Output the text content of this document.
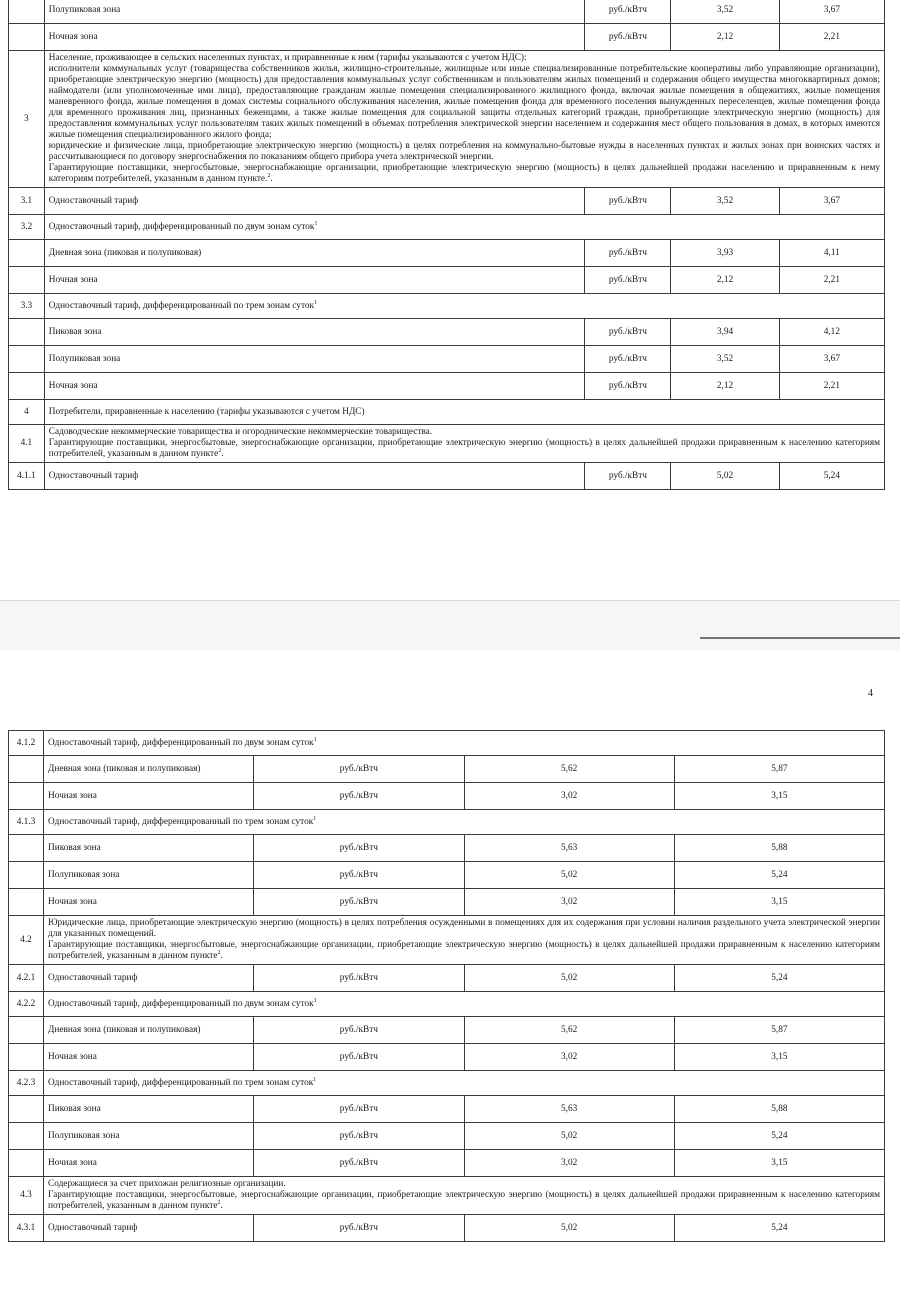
	Полупиковая зона	руб./кВтч	3,52	3,67
	Ночная зона	руб./кВтч	2,12	2,21
3	Население, проживающее в сельских населенных пунктах, и приравненные к ним (тарифы указываются с учетом НДС):
исполнители коммунальных услуг (товарищества собственников жилья, жилищно-строительные, жилищные или иные специализированные потребительские кооперативы либо управляющие организации), приобретающие электрическую энергию (мощность) для предоставления коммунальных услуг собственникам и пользователям жилых помещений и содержания общего имущества многоквартирных домов; наймодатели (или уполномоченные ими лица), предоставляющие гражданам жилые помещения специализированного жилищного фонда, включая жилые помещения в общежитиях, жилые помещения маневренного фонда, жилые помещения в домах системы социального обслуживания населения, жилые помещения фонда для временного поселения вынужденных переселенцев, жилые помещения фонда для временного проживания лиц, признанных беженцами, а также жилые помещения для социальной защиты отдельных категорий граждан, приобретающие электрическую энергию (мощность) для предоставления коммунальных услуг пользователям таких жилых помещений в объемах потребления электрической энергии населением и содержания мест общего пользования в домах, в которых имеются жилые помещения специализированного жилого фонда;
юридические и физические лица, приобретающие электрическую энергию (мощность) в целях потребления на коммунально-бытовые нужды в населенных пунктах и жилых зонах при воинских частях и рассчитывающиеся по договору энергоснабжения по показаниям общего прибора учета электрической энергии.
Гарантирующие поставщики, энергосбытовые, энергоснабжающие организации, приобретающие электрическую энергию (мощность) в целях дальнейшей продажи населению и приравненным к нему категориям потребителей, указанным в данном пункте.$^2$.			

3.1	Одноставочный тариф	руб./кВтч	3,52	3,67
3.2	Одноставочный тариф, дифференцированный по двум зонам суток$^1$
	Дневная зона (пиковая и полупиковая)	руб./кВтч	3,93	4,11
	Ночная зона	руб./кВтч	2,12	2,21
3.3	Одноставочный тариф, дифференцированный по трем зонам суток$^1$
	Пиковая зона	руб./кВтч	3,94	4,12
	Полупиковая зона	руб./кВтч	3,52	3,67
	Ночная зона	руб./кВтч	2,12	2,21
4	Потребители, приравненные к населению (тарифы указываются с учетом НДС)			
4.1	Садоводческие некоммерческие товарищества и огороднические некоммерческие товарищества.
Гарантирующие поставщики, энергосбытовые, энергоснабжающие организации, приобретающие электрическую энергию (мощность) в целях дальнейшей продажи приравненным к населению категориям потребителей, указанным в данном пункте$^2$.			

4.1.1	Одноставочный тариф	руб./кВтч	5,02	5,24
4
4.1.2	Одноставочный тариф, дифференцированный по двум зонам суток$^1$
	Дневная зона (пиковая и полупиковая)	руб./кВтч	5,62	5,87
	Ночная зона	руб./кВтч	3,02	3,15
4.1.3	Одноставочный тариф, дифференцированный по трем зонам суток$^1$
	Пиковая зона	руб./кВтч	5,63	5,88
	Полупиковая зона	руб./кВтч	5,02	5,24
	Ночная зона	руб./кВтч	3,02	3,15
4.2	Юридические лица, приобретающие электрическую энергию (мощность) в целях потребления осужденными в помещениях для их содержания при условии наличия раздельного учета электрической энергии для указанных помещений.
Гарантирующие поставщики, энергосбытовые, энергоснабжающие организации, приобретающие электрическую энергию (мощность) в целях дальнейшей продажи приравненным к населению категориям потребителей, указанным в данном пункте$^2$.			

4.2.1	Одноставочный тариф	руб./кВтч	5,02	5,24
4.2.2	Одноставочный тариф, дифференцированный по двум зонам суток$^1$
	Дневная зона (пиковая и полупиковая)	руб./кВтч	5,62	5,87
	Ночная зона	руб./кВтч	3,02	3,15
4.2.3	Одноставочный тариф, дифференцированный по трем зонам суток$^1$
	Пиковая зона	руб./кВтч	5,63	5,88
	Полупиковая зона	руб./кВтч	5,02	5,24
	Ночная зона	руб./кВтч	3,02	3,15
4.3	Содержащиеся за счет прихожан религиозные организации.
Гарантирующие поставщики, энергосбытовые, энергоснабжающие организации, приобретающие электрическую энергию (мощность) в целях дальнейшей продажи приравненным к населению категориям потребителей, указанным в данном пункте$^2$.			

4.3.1	Одноставочный тариф	руб./кВтч	5,02	5,24
